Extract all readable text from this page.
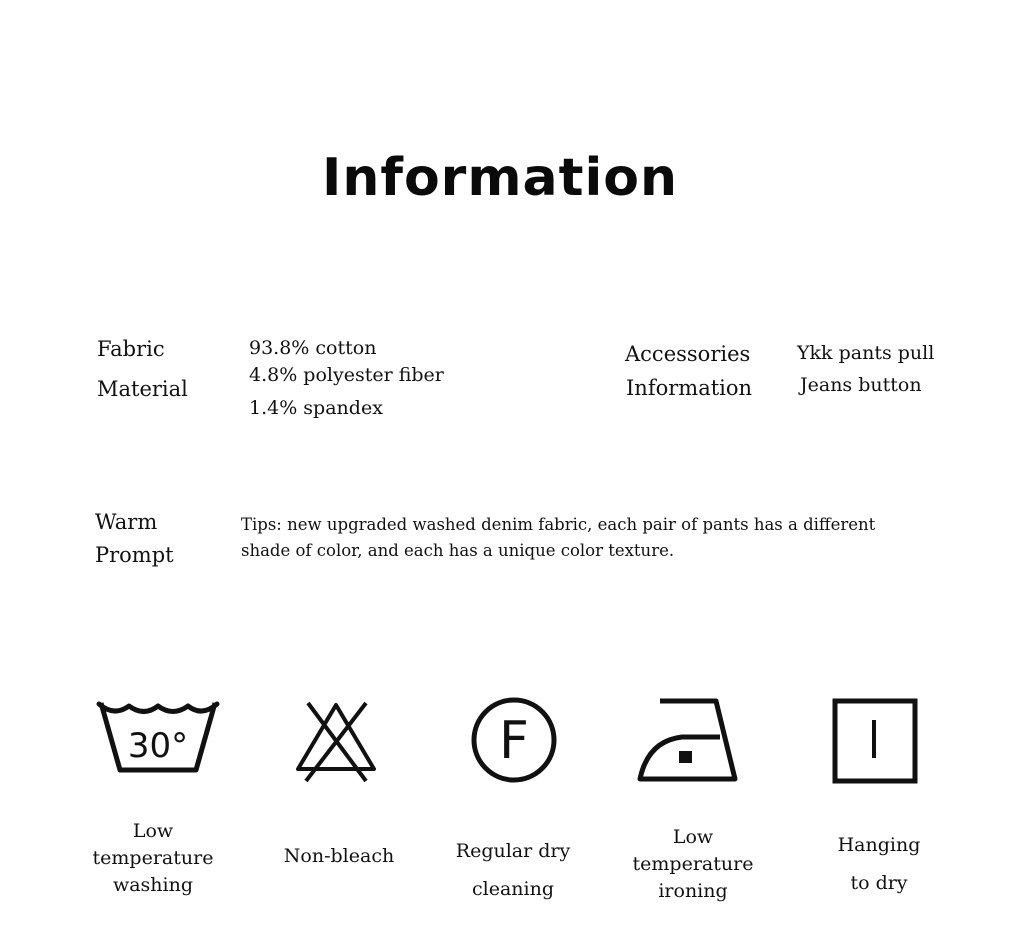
Information
Fabric
Material
93.8% cotton
4.8% polyester fiber
1.4% spandex
Accessories
Information
Ykk pants pull
Jeans button
Warm
Prompt
Tips: new upgraded washed denim fabric, each pair of pants has a different
shade of color, and each has a unique color texture.
30°	F
Low
temperature
washing
Non-bleach	Regular dry
cleaning
Low
temperature
ironing
Hanging
to dry
